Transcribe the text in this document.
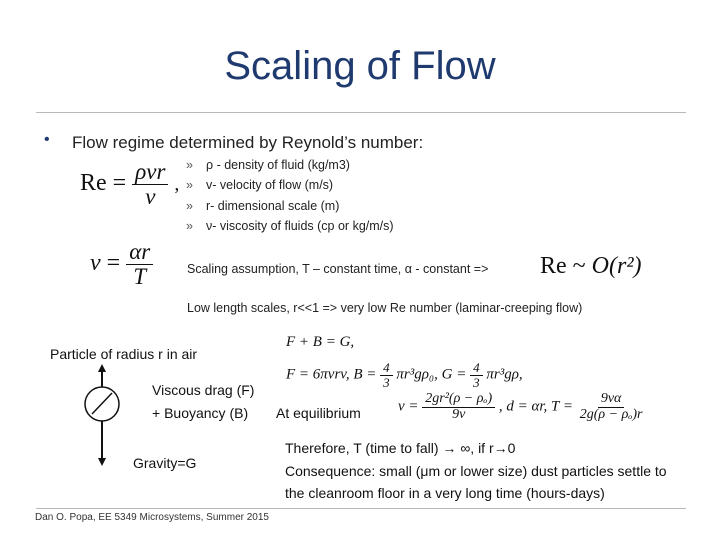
Scaling of Flow
• Flow regime determined by Reynold’s number:
$Re = \frac{\text{ρvr}}{\nu}$ ,
» ρ - density of fluid (kg/m3)
» v- velocity of flow (m/s)
» r- dimensional scale (m)
» ν- viscosity of fluids (cp or kg/m/s)
$v = \frac{\alpha r}{T}$	Scaling assumption, T – constant time, α - constant => Re ~ O(r²)
Low length scales, r<<1 => very low Re number (laminar-creeping flow)
Particle of radius r in air
F + B = G,
F = 6πνrv, $B = \frac{4}{3} \pi r^3g\rho_0$, $G = \frac{4}{3} \pi r^3g\rho$,
Viscous drag (F)
+ Buoyancy (B) At equilibrium $v = \frac{\text{2gr²(ρ − ρₒ)}}{9\nu}$ , d = αr, $T = \frac{9\nu\alpha}{\text{2g(ρ − ρₒ)r}}$
Gravity=G
Therefore, T (time to fall) → ∞, if r→0
Consequence: small (μm or lower size) dust particles settle to
the cleanroom floor in a very long time (hours-days)
Dan O. Popa, EE 5349 Microsystems, Summer 2015
